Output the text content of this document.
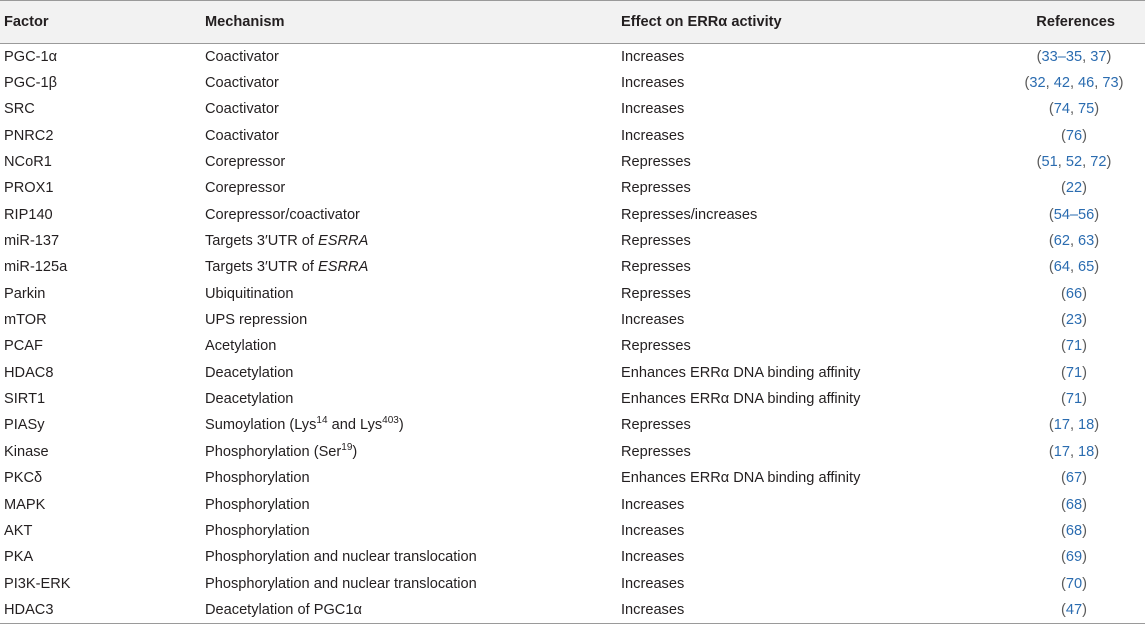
Factor	Mechanism	Effect on ERRα activity	References
PGC-1α	Coactivator	Increases	(33–35, 37)
PGC-1β	Coactivator	Increases	(32, 42, 46, 73)
SRC	Coactivator	Increases	(74, 75)
PNRC2	Coactivator	Increases	(76)
NCoR1	Corepressor	Represses	(51, 52, 72)
PROX1	Corepressor	Represses	(22)
RIP140	Corepressor/coactivator	Represses/increases	(54–56)
miR-137	Targets 3′UTR of ESRRA	Represses	(62, 63)
miR-125a	Targets 3′UTR of ESRRA	Represses	(64, 65)
Parkin	Ubiquitination	Represses	(66)
mTOR	UPS repression	Increases	(23)
PCAF	Acetylation	Represses	(71)
HDAC8	Deacetylation	Enhances ERRα DNA binding affinity	(71)
SIRT1	Deacetylation	Enhances ERRα DNA binding affinity	(71)
PIASy	Sumoylation (Lys$^{14}$ and Lys$^{403}$)	Represses	(17, 18)
Kinase	Phosphorylation (Ser$^{19}$)	Represses	(17, 18)
PKCδ	Phosphorylation	Enhances ERRα DNA binding affinity	(67)
MAPK	Phosphorylation	Increases	(68)
AKT	Phosphorylation	Increases	(68)
PKA	Phosphorylation and nuclear translocation	Increases	(69)
PI3K-ERK	Phosphorylation and nuclear translocation	Increases	(70)
HDAC3	Deacetylation of PGC1α	Increases	(47)
